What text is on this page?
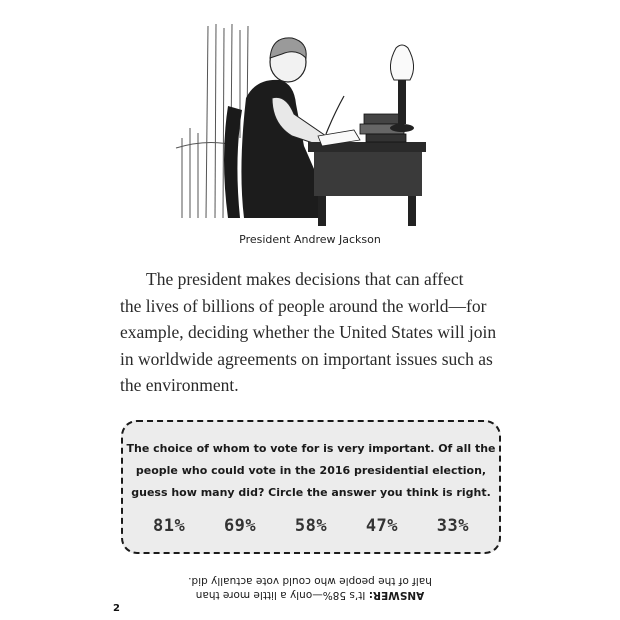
President Andrew Jackson
The president makes decisions that can affect
the lives of billions of people around the world—for
example, deciding whether the United States will join
in worldwide agreements on important issues such as
the environment.
The choice of whom to vote for is very important. Of all the
people who could vote in the 2016 presidential election,
guess how many did? Circle the answer you think is right.
81% 69% 58% 47% 33%
ANSWER: It’s 58%—only a little more than
half of the people who could vote actually did.
2
